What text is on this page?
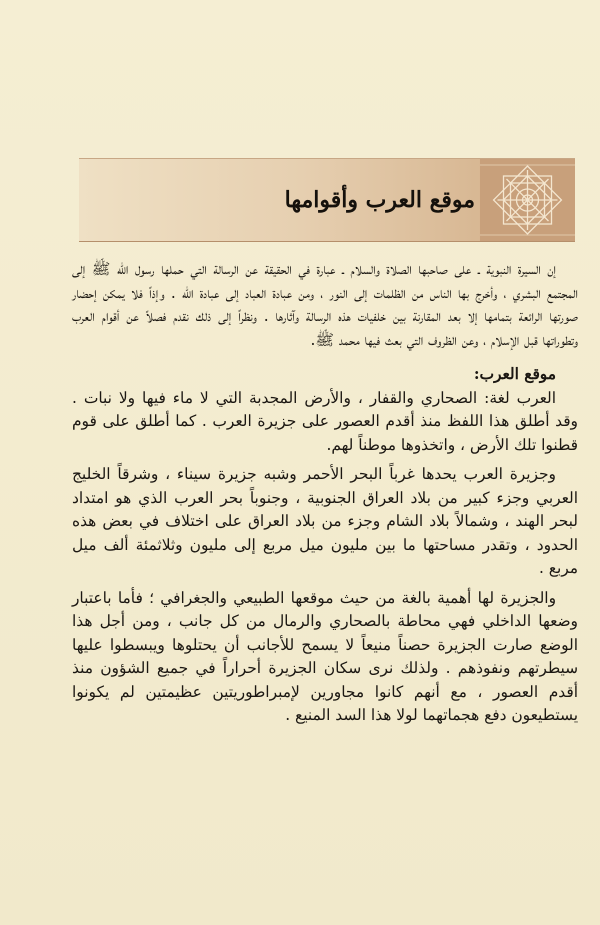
موقع العرب وأقوامها

إن السيرة النبوية ـ على صاحبها الصلاة والسلام ـ عبارة في الحقيقة عن الرسالة التي حملها رسول الله ﷺ إلى المجتمع البشري ، وأخرج بها الناس من الظلمات إلى النور ، ومن عبادة العباد إلى عبادة الله . وإذاً فلا يمكن إحضار صورتها الرائعة بتمامها إلا بعد المقارنة بين خلفيات هذه الرسالة وآثارها . ونظراً إلى ذلك نقدم فصلاً عن أقوام العرب وتطوراتها قبل الإسلام ، وعن الظروف التي بعث فيها محمد ﷺ.

موقع العرب:

العرب لغة: الصحاري والقفار ، والأرض المجدبة التي لا ماء فيها ولا نبات . وقد أطلق هذا اللفظ منذ أقدم العصور على جزيرة العرب . كما أطلق على قوم قطنوا تلك الأرض ، واتخذوها موطناً لهم.

وجزيرة العرب يحدها غرباً البحر الأحمر وشبه جزيرة سيناء ، وشرقاً الخليج العربي وجزء كبير من بلاد العراق الجنوبية ، وجنوباً بحر العرب الذي هو امتداد لبحر الهند ، وشمالاً بلاد الشام وجزء من بلاد العراق على اختلاف في بعض هذه الحدود ، وتقدر مساحتها ما بين مليون ميل مربع إلى مليون وثلاثمئة ألف ميل مربع .

والجزيرة لها أهمية بالغة من حيث موقعها الطبيعي والجغرافي ؛ فأما باعتبار وضعها الداخلي فهي محاطة بالصحاري والرمال من كل جانب ، ومن أجل هذا الوضع صارت الجزيرة حصناً منيعاً لا يسمح للأجانب أن يحتلوها ويبسطوا عليها سيطرتهم ونفوذهم . ولذلك نرى سكان الجزيرة أحراراً في جميع الشؤون منذ أقدم العصور ، مع أنهم كانوا مجاورين لإمبراطوريتين عظيمتين لم يكونوا يستطيعون دفع هجماتهما لولا هذا السد المنيع .
